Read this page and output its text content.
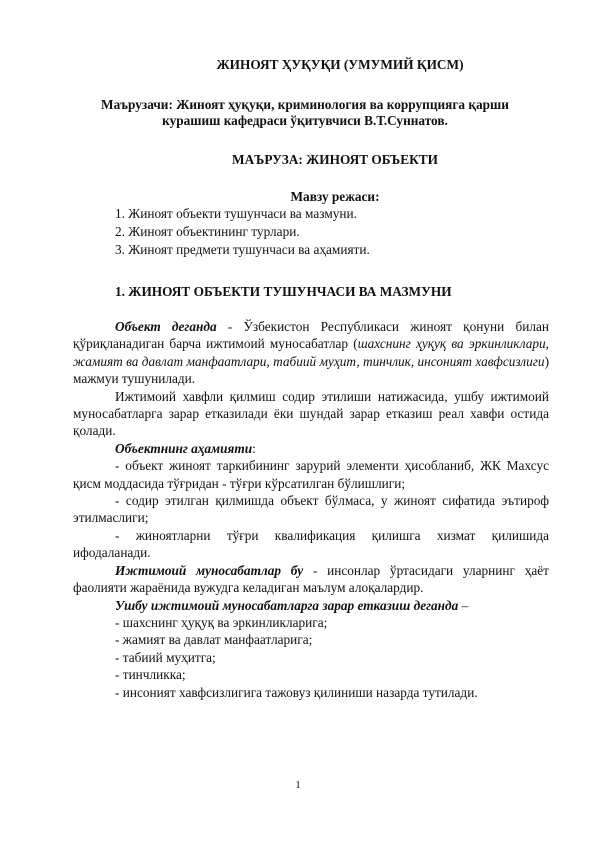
ЖИНОЯТ ҲУҚУҚИ (УМУМИЙ ҚИСМ)
Маърузачи: Жиноят ҳуқуқи, криминология ва коррупцияга қарши
курашиш кафедраси ўқитувчиси В.Т.Суннатов.
МАЪРУЗА: ЖИНОЯТ ОБЪЕКТИ
Мавзу режаси:
1. Жиноят объекти тушунчаси ва мазмуни.
2. Жиноят объектининг турлари.
3. Жиноят предмети тушунчаси ва аҳамияти.
1. ЖИНОЯТ ОБЪЕКТИ ТУШУНЧАСИ ВА МАЗМУНИ

Объект деганда - Ўзбекистон Республикаси жиноят қонуни билан қўриқланадиган барча ижтимоий муносабатлар (шахснинг ҳуқуқ ва эркинликлари, жамият ва давлат манфаатлари, табиий муҳит, тинчлик, инсоният хавфсизлиги) мажмуи тушунилади.

Ижтимоий хавфли қилмиш содир этилиши натижасида, ушбу ижтимоий муносабатларга зарар етказилади ёки шундай зарар етказиш реал хавфи остида қолади.

Объектнинг аҳамияти:

- объект жиноят таркибининг зарурий элементи ҳисобланиб, ЖК Махсус қисм моддасида тўғридан - тўғри кўрсатилган бўлишлиги;

- содир этилган қилмишда объект бўлмаса, у жиноят сифатида эътироф этилмаслиги;

- жиноятларни тўғри квалификация қилишга хизмат қилишида ифодаланади.

Ижтимоий муносабатлар бу - инсонлар ўртасидаги уларнинг ҳаёт фаолияти жараёнида вужудга келадиган маълум алоқалардир.

Ушбу ижтимоий муносабатларга зарар етказиш деганда –

- шахснинг ҳуқуқ ва эркинликларига;

- жамият ва давлат манфаатларига;

- табиий муҳитга;

- тинчликка;

- инсоният хавфсизлигига тажовуз қилиниши назарда тутилади.

1
